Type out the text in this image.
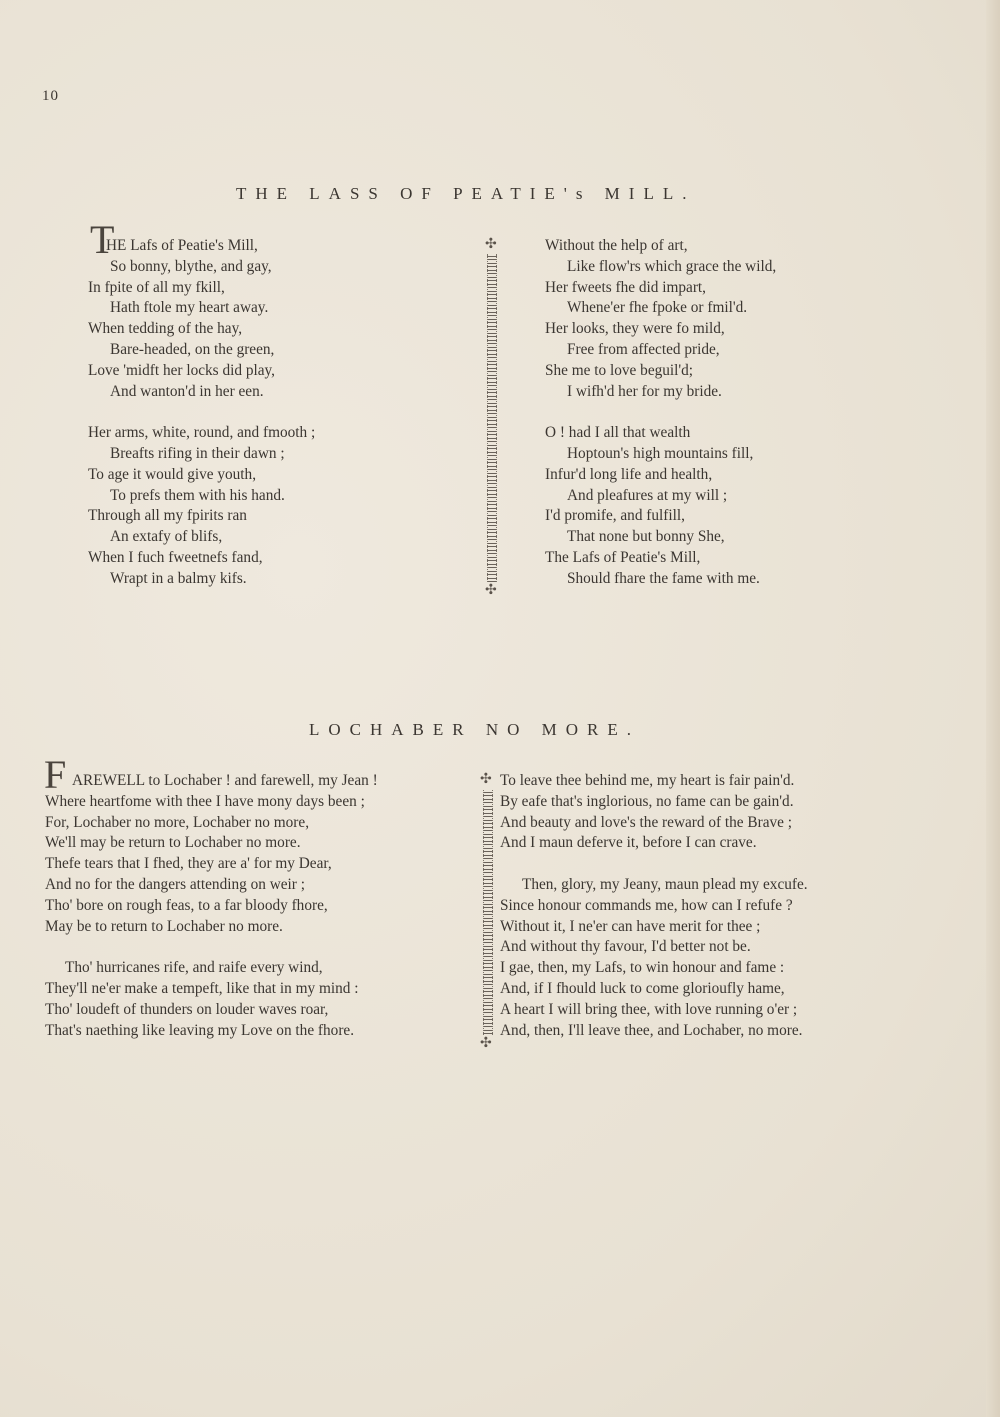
10
THE LASS OF PEATIE's MILL.
T
HE Lafs of Peatie's Mill,
So bonny, blythe, and gay,
In fpite of all my fkill,
Hath ftole my heart away.
When tedding of the hay,
Bare-headed, on the green,
Love 'midft her locks did play,
And wanton'd in her een.
Her arms, white, round, and fmooth ;
Breafts rifing in their dawn ;
To age it would give youth,
To prefs them with his hand.
Through all my fpirits ran
An extafy of blifs,
When I fuch fweetnefs fand,
Wrapt in a balmy kifs.
Without the help of art,
Like flow'rs which grace the wild,
Her fweets fhe did impart,
Whene'er fhe fpoke or fmil'd.
Her looks, they were fo mild,
Free from affected pride,
She me to love beguil'd;
I wifh'd her for my bride.
O ! had I all that wealth
Hoptoun's high mountains fill,
Infur'd long life and health,
And pleafures at my will ;
I'd promife, and fulfill,
That none but bonny She,
The Lafs of Peatie's Mill,
Should fhare the fame with me.
✣
✣
LOCHABER NO MORE.
F AREWELL to Lochaber ! and farewell, my Jean !
Where heartfome with thee I have mony days been ;
For, Lochaber no more, Lochaber no more,
We'll may be return to Lochaber no more.
Thefe tears that I fhed, they are a' for my Dear,
And no for the dangers attending on weir ;
Tho' bore on rough feas, to a far bloody fhore,
May be to return to Lochaber no more.
Tho' hurricanes rife, and raife every wind,
They'll ne'er make a tempeft, like that in my mind :
Tho' loudeft of thunders on louder waves roar,
That's naething like leaving my Love on the fhore.
To leave thee behind me, my heart is fair pain'd.
By eafe that's inglorious, no fame can be gain'd.
And beauty and love's the reward of the Brave ;
And I maun deferve it, before I can crave.
Then, glory, my Jeany, maun plead my excufe.
Since honour commands me, how can I refufe ?
Without it, I ne'er can have merit for thee ;
And without thy favour, I'd better not be.
I gae, then, my Lafs, to win honour and fame :
And, if I fhould luck to come glorioufly hame,
A heart I will bring thee, with love running o'er ;
And, then, I'll leave thee, and Lochaber, no more.
✣
✣
